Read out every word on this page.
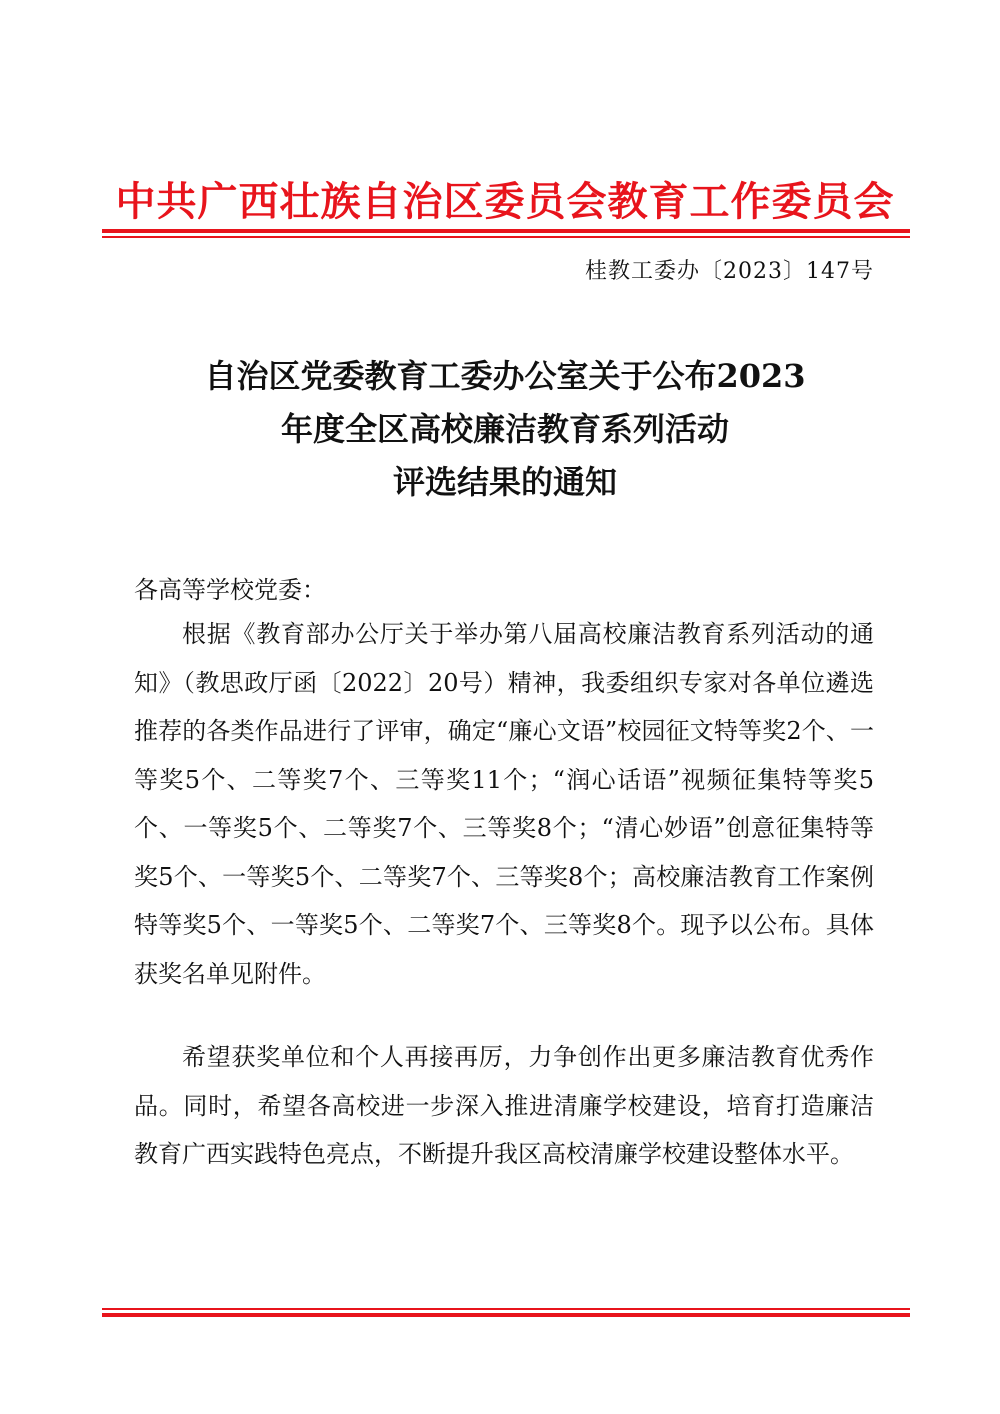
中共广西壮族自治区委员会教育工作委员会
桂教工委办〔2023〕147号
自治区党委教育工委办公室关于公布2023
年度全区高校廉洁教育系列活动
评选结果的通知
各高等学校党委：
根据《教育部办公厅关于举办第八届高校廉洁教育系列活动的通知》（教思政厅函〔2022〕20号）精神，我委组织专家对各单位遴选推荐的各类作品进行了评审，确定“廉心文语”校园征文特等奖2个、一等奖5个、二等奖7个、三等奖11个；“润心话语”视频征集特等奖5个、一等奖5个、二等奖7个、三等奖8个；“清心妙语”创意征集特等奖5个、一等奖5个、二等奖7个、三等奖8个；高校廉洁教育工作案例特等奖5个、一等奖5个、二等奖7个、三等奖8个。现予以公布。具体获奖名单见附件。
希望获奖单位和个人再接再厉，力争创作出更多廉洁教育优秀作品。同时，希望各高校进一步深入推进清廉学校建设，培育打造廉洁教育广西实践特色亮点，不断提升我区高校清廉学校建设整体水平。
